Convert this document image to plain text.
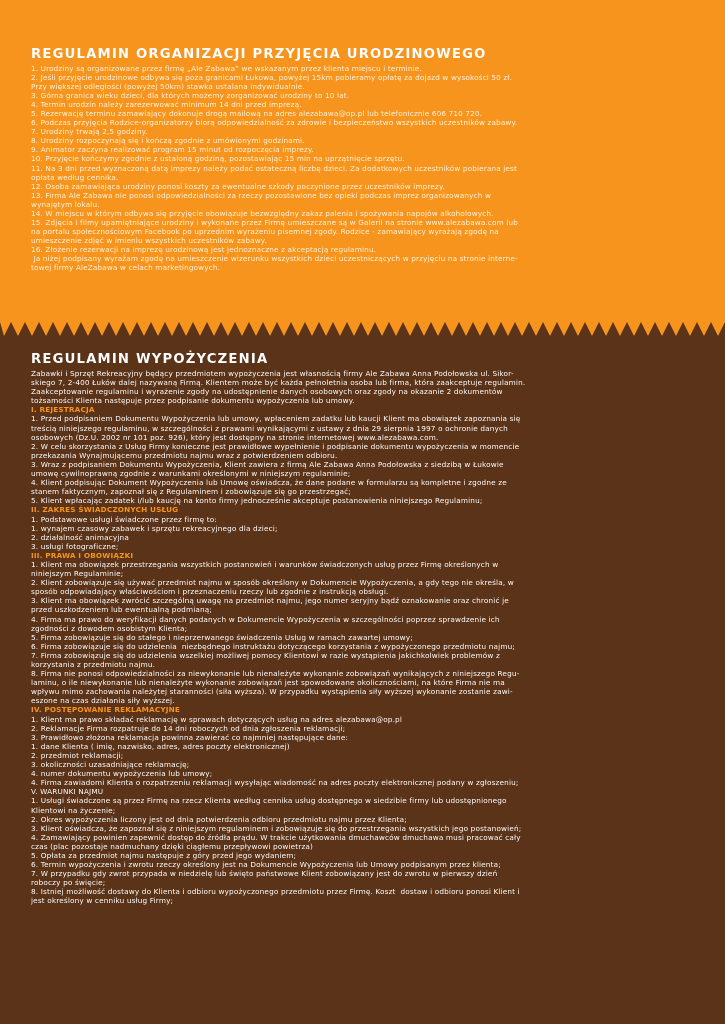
REGULAMIN ORGANIZACJI PRZYJĘCIA URODZINOWEGO
1. Urodziny są organizowane przez firmę „Ale Zabawa” we wskazanym przez klienta miejscu i terminie.
2. Jeśli przyjęcie urodzinowe odbywa się poza granicami Łukowa, powyżej 15km pobieramy opłatę za dojazd w wysokości 50 zł.
Przy większej odległości (powyżej 50km) stawka ustalana indywidualnie.
3. Górna granica wieku dzieci, dla których możemy zorganizować urodziny to 10 lat.
4. Termin urodzin należy zarezerwować minimum 14 dni przed imprezą.
5. Rezerwację terminu zamawiający dokonuje drogą mailową na adres alezabawa@op.pl lub telefonicznie 606 710 720.
6. Podczas przyjęcia Rodzice-organizatorzy biorą odpowiedzialność za zdrowie i bezpieczeństwo wszystkich uczestników zabawy.
7. Urodziny trwają 2,5 godziny.
8. Urodziny rozpoczynają się i kończą zgodnie z umówionymi godzinami.
9. Animator zaczyna realizować program 15 minut od rozpoczęcia imprezy.
10. Przyjęcie kończymy zgodnie z ustaloną godziną, pozostawiając 15 min na uprzątnięcie sprzętu.
11. Na 3 dni przed wyznaczoną datą imprezy należy podać ostateczną liczbę dzieci. Za dodatkowych uczestników pobierana jest
opłata według cennika.
12. Osoba zamawiająca urodziny ponosi koszty za ewentualne szkody poczynione przez uczestników imprezy.
13. Firma Ale Zabawa nie ponosi odpowiedzialności za rzeczy pozostawione bez opieki podczas imprez organizowanych w
wynajętym lokalu.
14. W miejscu w którym odbywa się przyjęcie obowiązuje bezwzględny zakaz palenia i spożywania napojów alkoholowych.
15. Zdjęcia i filmy upamiętniające urodziny i wykonane przez Firmę umieszczane są w Galerii na stronie www.alezabawa.com lub
na portalu społecznościowym Facebook po uprzednim wyrażeniu pisemnej zgody. Rodzice - zamawiający wyrażają zgodę na
umieszczenie zdjęć w imieniu wszystkich uczestników zabawy.
16. Złożenie rezerwacji na imprezę urodzinową jest jednoznaczne z akceptacją regulaminu.
Ja niżej podpisany wyrażam zgodę na umieszczenie wizerunku wszystkich dzieci uczestniczących w przyjęciu na stronie interne-
towej firmy AleZabawa w celach marketingowych.
REGULAMIN WYPOŻYCZENIA
Zabawki i Sprzęt Rekreacyjny będący przedmiotem wypożyczenia jest własnością firmy Ale Zabawa Anna Podołowska ul. Sikor-
skiego 7, 2-400 Łuków dalej nazywaną Firmą. Klientem może być każda pełnoletnia osoba lub firma, która zaakceptuje regulamin.
Zaakceptowanie regulaminu i wyrażenie zgody na udostępnienie danych osobowych oraz zgody na okazanie 2 dokumentów
tożsamości Klienta następuje przez podpisanie dokumentu wypożyczenia lub umowy.
I. REJESTRACJA
1. Przed podpisaniem Dokumentu Wypożyczenia lub umowy, wpłaceniem zadatku lub kaucji Klient ma obowiązek zapoznania się
treścią niniejszego regulaminu, w szczególności z prawami wynikającymi z ustawy z dnia 29 sierpnia 1997 o ochronie danych
osobowych (Dz.U. 2002 nr 101 poz. 926), który jest dostępny na stronie internetowej www.alezabawa.com.
2. W celu skorzystania z Usług Firmy konieczne jest prawidłowe wypełnienie i podpisanie dokumentu wypożyczenia w momencie
przekazania Wynajmującemu przedmiotu najmu wraz z potwierdzeniem odbioru.
3. Wraz z podpisaniem Dokumentu Wypożyczenia, Klient zawiera z firmą Ale Zabawa Anna Podołowska z siedzibą w Łukowie
umowę cywilnoprawną zgodnie z warunkami określonymi w niniejszym regulaminie;
4. Klient podpisując Dokument Wypożyczenia lub Umowę oświadcza, że dane podane w formularzu są kompletne i zgodne ze
stanem faktycznym, zapoznał się z Regulaminem i zobowiązuje się go przestrzegać;
5. Klient wpłacając zadatek i/lub kaucję na konto firmy jednocześnie akceptuje postanowienia niniejszego Regulaminu;
II. ZAKRES ŚWIADCZONYCH USŁUG
1. Podstawowe usługi świadczone przez firmę to:
1. wynajem czasowy zabawek i sprzętu rekreacyjnego dla dzieci;
2. działalność animacyjna
3. usługi fotograficzne;
III. PRAWA I OBOWIĄZKI
1. Klient ma obowiązek przestrzegania wszystkich postanowień i warunków świadczonych usług przez Firmę określonych w
niniejszym Regulaminie;
2. Klient zobowiązuje się używać przedmiot najmu w sposób określony w Dokumencie Wypożyczenia, a gdy tego nie określa, w
sposób odpowiadający właściwościom i przeznaczeniu rzeczy lub zgodnie z instrukcją obsługi.
3. Klient ma obowiązek zwrócić szczególną uwagę na przedmiot najmu, jego numer seryjny bądź oznakowanie oraz chronić je
przed uszkodzeniem lub ewentualną podmianą;
4. Firma ma prawo do weryfikacji danych podanych w Dokumencie Wypożyczenia w szczególności poprzez sprawdzenie ich
zgodności z dowodem osobistym Klienta;
5. Firma zobowiązuje się do stałego i nieprzerwanego świadczenia Usług w ramach zawartej umowy;
6. Firma zobowiązuje się do udzielenia  niezbędnego instruktażu dotyczącego korzystania z wypożyczonego przedmiotu najmu;
7. Firma zobowiązuje się do udzielenia wszelkiej możliwej pomocy Klientowi w razie wystąpienia jakichkolwiek problemów z
korzystania z przedmiotu najmu.
8. Firma nie ponosi odpowiedzialności za niewykonanie lub nienależyte wykonanie zobowiązań wynikających z niniejszego Regu-
laminu, o ile niewykonanie lub nienależyte wykonanie zobowiązań jest spowodowane okolicznościami, na które Firma nie ma
wpływu mimo zachowania należytej staranności (siła wyższa). W przypadku wystąpienia siły wyższej wykonanie zostanie zawi-
eszone na czas działania siły wyższej.
IV. POSTĘPOWANIE REKLAMACYJNE
1. Klient ma prawo składać reklamację w sprawach dotyczących usług na adres alezabawa@op.pl
2. Reklamacje Firma rozpatruje do 14 dni roboczych od dnia zgłoszenia reklamacji;
3. Prawidłowo złożona reklamacja powinna zawierać co najmniej następujące dane:
1. dane Klienta ( imię, nazwisko, adres, adres poczty elektronicznej)
2. przedmiot reklamacji;
3. okoliczności uzasadniające reklamację;
4. numer dokumentu wypożyczenia lub umowy;
4. Firma zawiadomi Klienta o rozpatrzeniu reklamacji wysyłając wiadomość na adres poczty elektronicznej podany w zgłoszeniu;
V. WARUNKI NAJMU
1. Usługi świadczone są przez Firmę na rzecz Klienta według cennika usług dostępnego w siedzibie firmy lub udostępnionego
Klientowi na życzenie;
2. Okres wypożyczenia liczony jest od dnia potwierdzenia odbioru przedmiotu najmu przez Klienta;
3. Klient oświadcza, że zapoznał się z niniejszym regulaminem i zobowiązuje się do przestrzegania wszystkich jego postanowień;
4. Zamawiający powinien zapewnić dostęp do źródła prądu. W trakcie użytkowania dmuchawców dmuchawa musi pracować cały
czas (plac pozostaje nadmuchany dzięki ciągłemu przepływowi powietrza)
5. Opłata za przedmiot najmu następuje z góry przed jego wydaniem;
6. Termin wypożyczenia i zwrotu rzeczy określony jest na Dokumencie Wypożyczenia lub Umowy podpisanym przez klienta;
7. W przypadku gdy zwrot przypada w niedzielę lub święto państwowe Klient zobowiązany jest do zwrotu w pierwszy dzień
roboczy po święcie;
8. Istniej możliwość dostawy do Klienta i odbioru wypożyczonego przedmiotu przez Firmę. Koszt  dostaw i odbioru ponosi Klient i
jest określony w cenniku usług Firmy;
